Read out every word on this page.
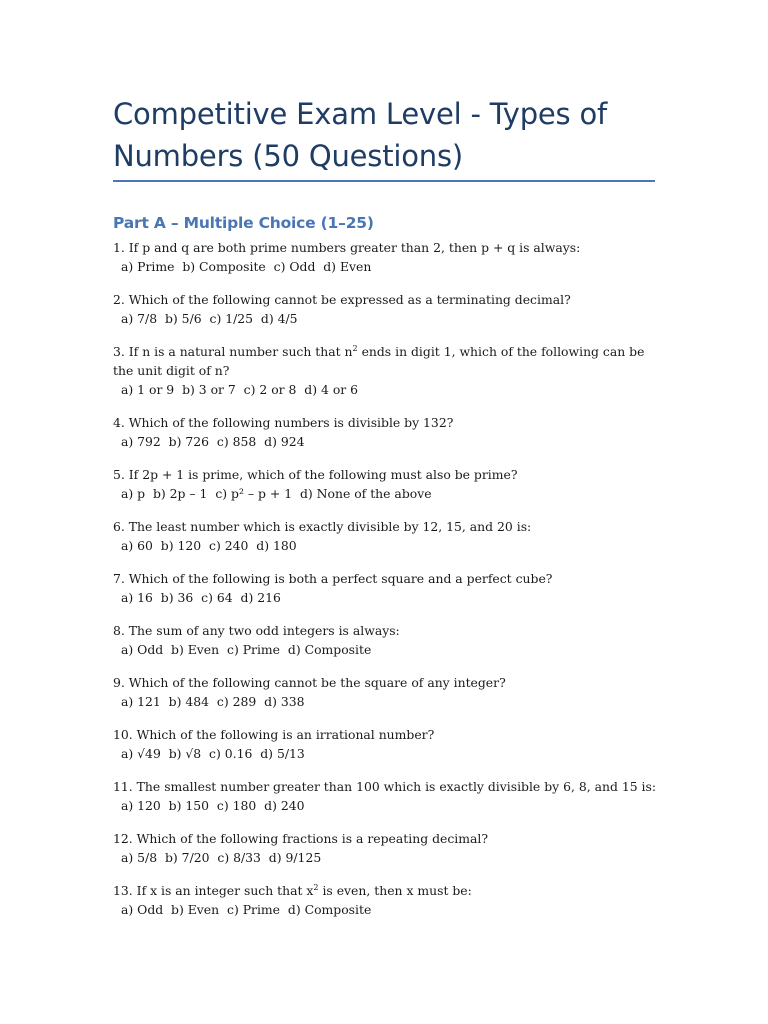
Competitive Exam Level - Types of Numbers (50 Questions)
Part A – Multiple Choice (1–25)
1. If p and q are both prime numbers greater than 2, then p + q is always:
a) Prime  b) Composite  c) Odd  d) Even
2. Which of the following cannot be expressed as a terminating decimal?
a) 7/8  b) 5/6  c) 1/25  d) 4/5
3. If n is a natural number such that $n^2$ ends in digit 1, which of the following can be the unit digit of n?
a) 1 or 9  b) 3 or 7  c) 2 or 8  d) 4 or 6
4. Which of the following numbers is divisible by 132?
a) 792  b) 726  c) 858  d) 924
5. If 2p + 1 is prime, which of the following must also be prime?
a) p  b) 2p – 1  c) p² – p + 1  d) None of the above
6. The least number which is exactly divisible by 12, 15, and 20 is:
a) 60  b) 120  c) 240  d) 180
7. Which of the following is both a perfect square and a perfect cube?
a) 16  b) 36  c) 64  d) 216
8. The sum of any two odd integers is always:
a) Odd  b) Even  c) Prime  d) Composite
9. Which of the following cannot be the square of any integer?
a) 121  b) 484  c) 289  d) 338
10. Which of the following is an irrational number?
a) √49  b) √8  c) 0.16  d) 5/13
11. The smallest number greater than 100 which is exactly divisible by 6, 8, and 15 is:
a) 120  b) 150  c) 180  d) 240
12. Which of the following fractions is a repeating decimal?
a) 5/8  b) 7/20  c) 8/33  d) 9/125
13. If x is an integer such that $x^2$ is even, then x must be:
a) Odd  b) Even  c) Prime  d) Composite
